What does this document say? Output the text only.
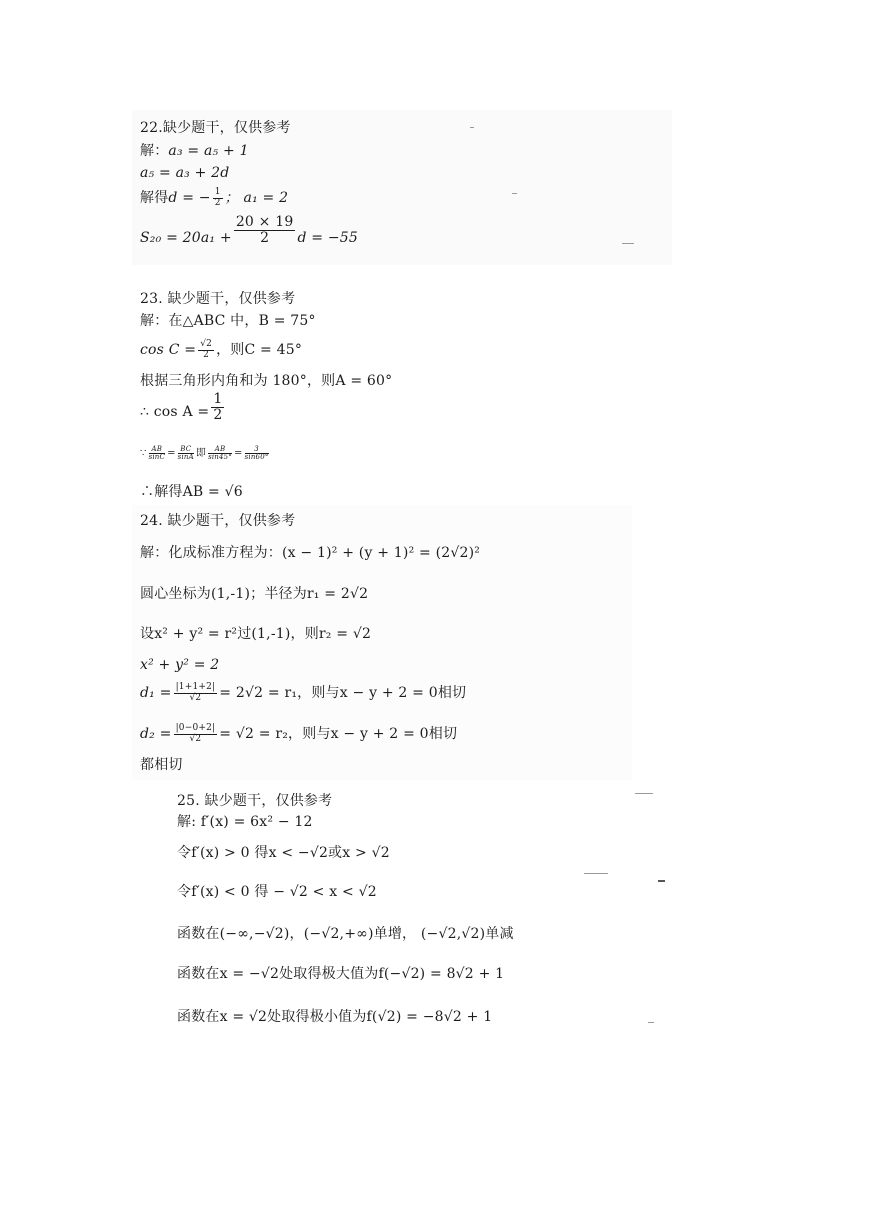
22.缺少题干，仅供参考
解：a₃ = a₅ + 1
a₅ = a₃ + 2d
解得d = − $\frac{1}{2}$ ； a₁ = 2
$S_{20} = 20a_1 + \frac{20 \times 19}{2}$ d = −55
23. 缺少题干，仅供参考
解：在△ABC 中，B = 75°
$\cos C = \frac{√2}{2}$ ，则C = 45°
根据三角形内角和为 180°，则A = 60°
∴ $\cos A = \frac{1}{2}$
∵ $\frac{AB}{\sin C} = \frac{BC}{\sin A}$ 即 $\frac{AB}{\sin 45^\circ} = \frac{3}{\sin 60^\circ}$
∴解得AB = √6
24. 缺少题干，仅供参考
解：化成标准方程为：(x − 1)² + (y + 1)² = (2√2)²
圆心坐标为(1,-1)；半径为r₁ = 2√2
设x² + y² = r²过(1,-1)，则r₂ = √2
x² + y² = 2
$d_1 = \frac{|1+1+2|}{√2} = 2√2 = r_1$，则与x − y + 2 = 0相切
$d_2 = \frac{|0-0+2|}{√2} = √2 = r_2$，则与x − y + 2 = 0相切
都相切
25. 缺少题干，仅供参考
解: f′(x) = 6x² − 12
令f′(x) > 0 得x < −√2或x > √2
令f′(x) < 0 得 − √2 < x < √2
函数在(−∞,−√2)，(−√2,+∞)单增， (−√2,√2)单减
函数在x = −√2处取得极大值为f(−√2) = 8√2 + 1
函数在x = √2处取得极小值为f(√2) = −8√2 + 1
